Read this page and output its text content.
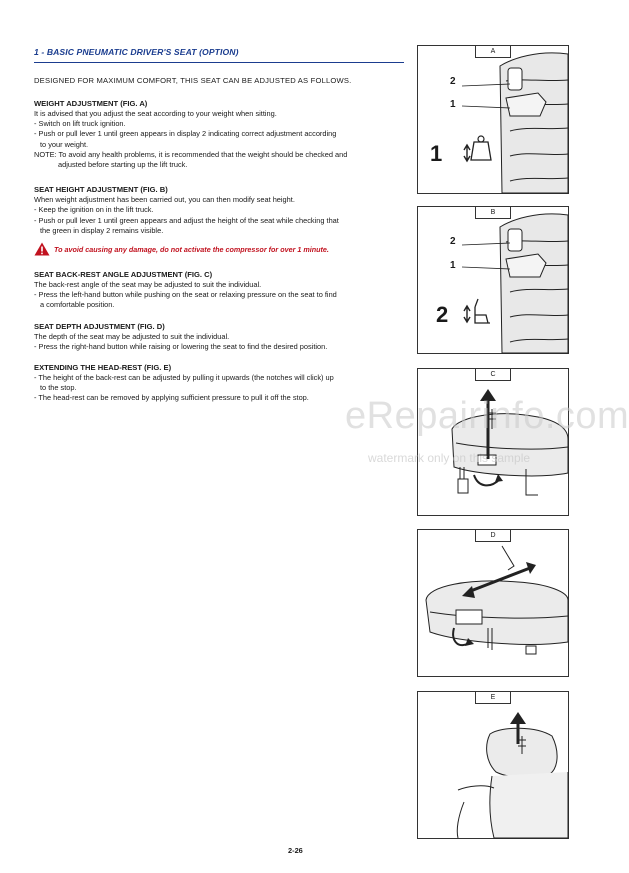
1 - BASIC PNEUMATIC DRIVER'S SEAT (OPTION)
DESIGNED FOR MAXIMUM COMFORT, THIS SEAT CAN BE ADJUSTED AS FOLLOWS.
WEIGHT ADJUSTMENT (FIG. A)
It is advised that you adjust the seat according to your weight when sitting.
- Switch on lift truck ignition.
- Push or pull lever 1 until green appears in display 2 indicating correct adjustment according
to your weight.
NOTE: To avoid any health problems, it is recommended that the weight should be checked and
adjusted before starting up the lift truck.
SEAT HEIGHT ADJUSTMENT (FIG. B)
When weight adjustment has been carried out, you can then modify seat height.
- Keep the ignition on in the lift truck.
- Push or pull lever 1 until green appears and adjust the height of the seat while checking that
the green in display 2 remains visible.
To avoid causing any damage, do not activate the compressor for over 1 minute.
SEAT BACK-REST ANGLE ADJUSTMENT (FIG. C)
The back-rest angle of the seat may be adjusted to suit the individual.
- Press the left-hand button while pushing on the seat or relaxing pressure on the seat to find
a comfortable position.
SEAT DEPTH ADJUSTMENT (FIG. D)
The depth of the seat may be adjusted to suit the individual.
- Press the right-hand button while raising or lowering the seat to find the desired position.
EXTENDING THE HEAD-REST (FIG. E)
- The height of the back-rest can be adjusted by pulling it upwards (the notches will click) up
to the stop.
- The head-rest can be removed by applying sufficient pressure to pull it off the stop.
A
2
1
1
B
2
1
2
C
D
E
eRepairinfo.com
watermark only on this sample
2-26
